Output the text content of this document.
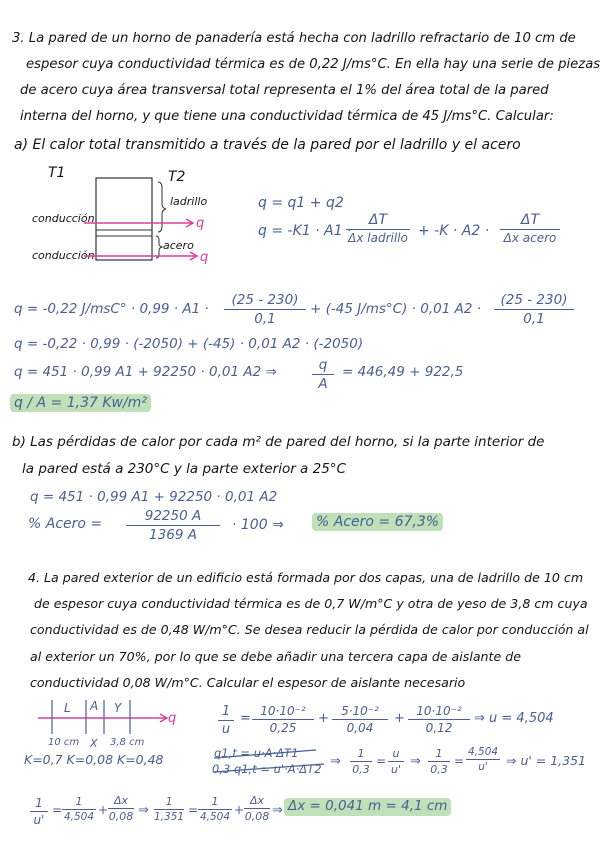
3. La pared de un horno de panadería está hecha con ladrillo refractario de 10 cm de
espesor cuya conductividad térmica es de 0,22 J/ms°C. En ella hay una serie de piezas
de acero cuya área transversal total representa el 1% del área total de la pared
interna del horno, y que tiene una conductividad térmica de 45 J/ms°C. Calcular:
a) El calor total transmitido a través de la pared por el ladrillo y el acero
T1	T2
ladrillo
acero
conducción
conducción
q
q
q = q1 + q2
q = -K1 · A1 ·
ΔT
Δx ladrillo + -K · A2 ·
ΔT
Δx acero
q = -0,22 $J/msC^\circ \cdot 0,99 \cdot A1 \cdot \frac{(25 - 230)}{0,1} + (-45$ J/ms°C) · 0,01 $A2 \cdot \frac{(25 - 230)}{0,1}$
q = -0,22 · 0,99 · (-2050) + (-45) · 0,01 A2 · (-2050)
q = 451 · 0,99 A1 + 92250 · 0,01 A2 ⇒	$\frac{q}{A} = 446,49 + 922,5$
q / A = 1,37 Kw/m²
b) Las pérdidas de calor por cada m² de pared del horno, si la parte interior de
la pared está a 230°C y la parte exterior a 25°C
q = 451 · 0,99 A1 + 92250 · 0,01 A2
% Acero = $\frac{92250 A}{1369 A} \cdot 100$ ⇒ % Acero = 67,3%
4. La pared exterior de un edificio está formada por dos capas, una de ladrillo de 10 cm
de espesor cuya conductividad térmica es de 0,7 W/m°C y otra de yeso de 3,8 cm cuya
conductividad es de 0,48 W/m°C. Se desea reducir la pérdida de calor por conducción al
al exterior un 70%, por lo que se debe añadir una tercera capa de aislante de
conductividad 0,08 W/m°C. Calcular el espesor de aislante necesario
L A Y
q
10 cm X 3,8 cm
K=0,7 K=0,08 K=0,48
$\frac{1}{u} = \frac{\text{10·10⁻²}}{0,25} + \frac{\text{5·10⁻²}}{0,04} + \frac{\text{10·10⁻²}}{0,12}$ ⇒ u = 4,504
q1,t = u·A·ΔT1
0,3 q1,t = u'·A·ΔT2 ⇒ $\frac{1}{0,3} = \frac{u}{u'}$ ⇒ $\frac{1}{0,3} = \frac{4,504}{u'}$ ⇒ u' = 1,351
$\frac{1}{u'} = \frac{1}{4,504} + \frac{\Delta x}{0,08}$ ⇒ $\frac{1}{1,351} = \frac{1}{4,504} + \frac{\Delta x}{0,08}$ ⇒ Δx = 0,041 m = 4,1 cm
